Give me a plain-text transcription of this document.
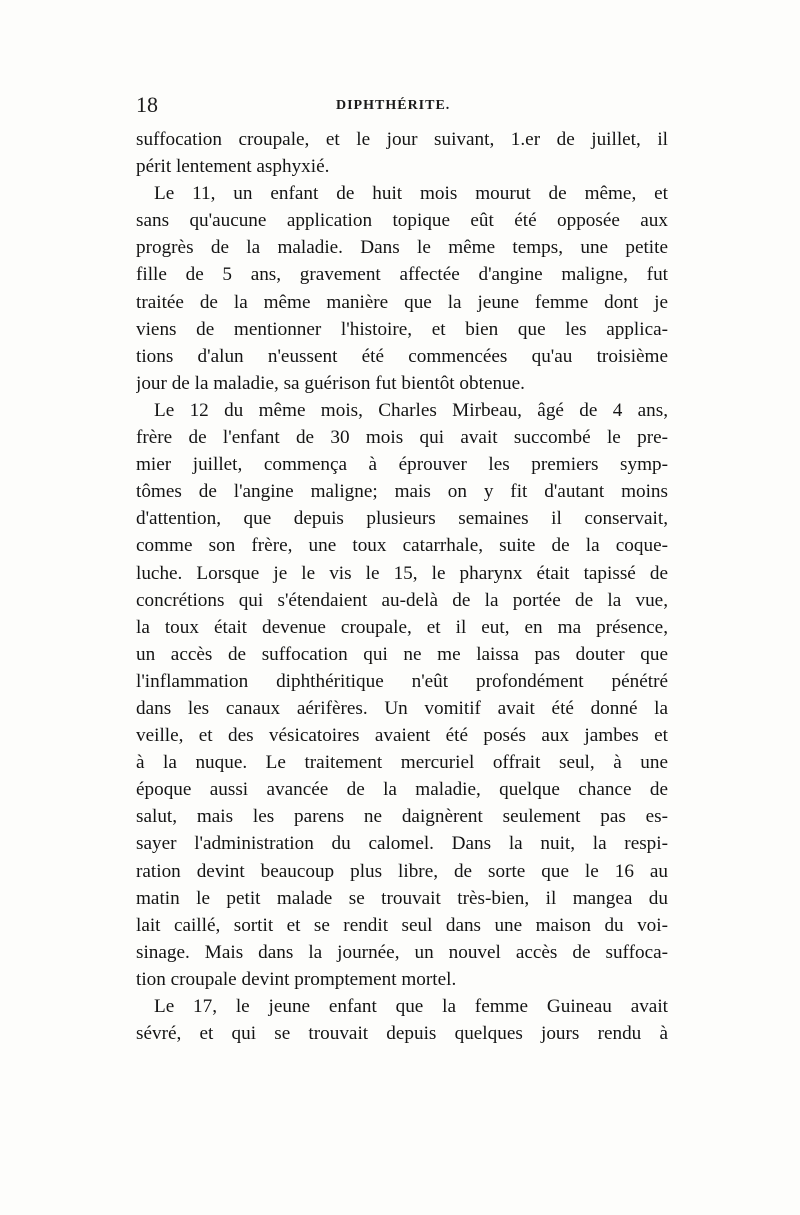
18	DIPHTHÉRITE.
suffocation croupale, et le jour suivant, 1.er de juillet, il
périt lentement asphyxié.
Le 11, un enfant de huit mois mourut de même, et
sans qu'aucune application topique eût été opposée aux
progrès de la maladie. Dans le même temps, une petite
fille de 5 ans, gravement affectée d'angine maligne, fut
traitée de la même manière que la jeune femme dont je
viens de mentionner l'histoire, et bien que les applica-
tions d'alun n'eussent été commencées qu'au troisième
jour de la maladie, sa guérison fut bientôt obtenue.
Le 12 du même mois, Charles Mirbeau, âgé de 4 ans,
frère de l'enfant de 30 mois qui avait succombé le pre-
mier juillet, commença à éprouver les premiers symp-
tômes de l'angine maligne; mais on y fit d'autant moins
d'attention, que depuis plusieurs semaines il conservait,
comme son frère, une toux catarrhale, suite de la coque-
luche. Lorsque je le vis le 15, le pharynx était tapissé de
concrétions qui s'étendaient au-delà de la portée de la vue,
la toux était devenue croupale, et il eut, en ma présence,
un accès de suffocation qui ne me laissa pas douter que
l'inflammation diphthéritique n'eût profondément pénétré
dans les canaux aérifères. Un vomitif avait été donné la
veille, et des vésicatoires avaient été posés aux jambes et
à la nuque. Le traitement mercuriel offrait seul, à une
époque aussi avancée de la maladie, quelque chance de
salut, mais les parens ne daignèrent seulement pas es-
sayer l'administration du calomel. Dans la nuit, la respi-
ration devint beaucoup plus libre, de sorte que le 16 au
matin le petit malade se trouvait très-bien, il mangea du
lait caillé, sortit et se rendit seul dans une maison du voi-
sinage. Mais dans la journée, un nouvel accès de suffoca-
tion croupale devint promptement mortel.
Le 17, le jeune enfant que la femme Guineau avait
sévré, et qui se trouvait depuis quelques jours rendu à
